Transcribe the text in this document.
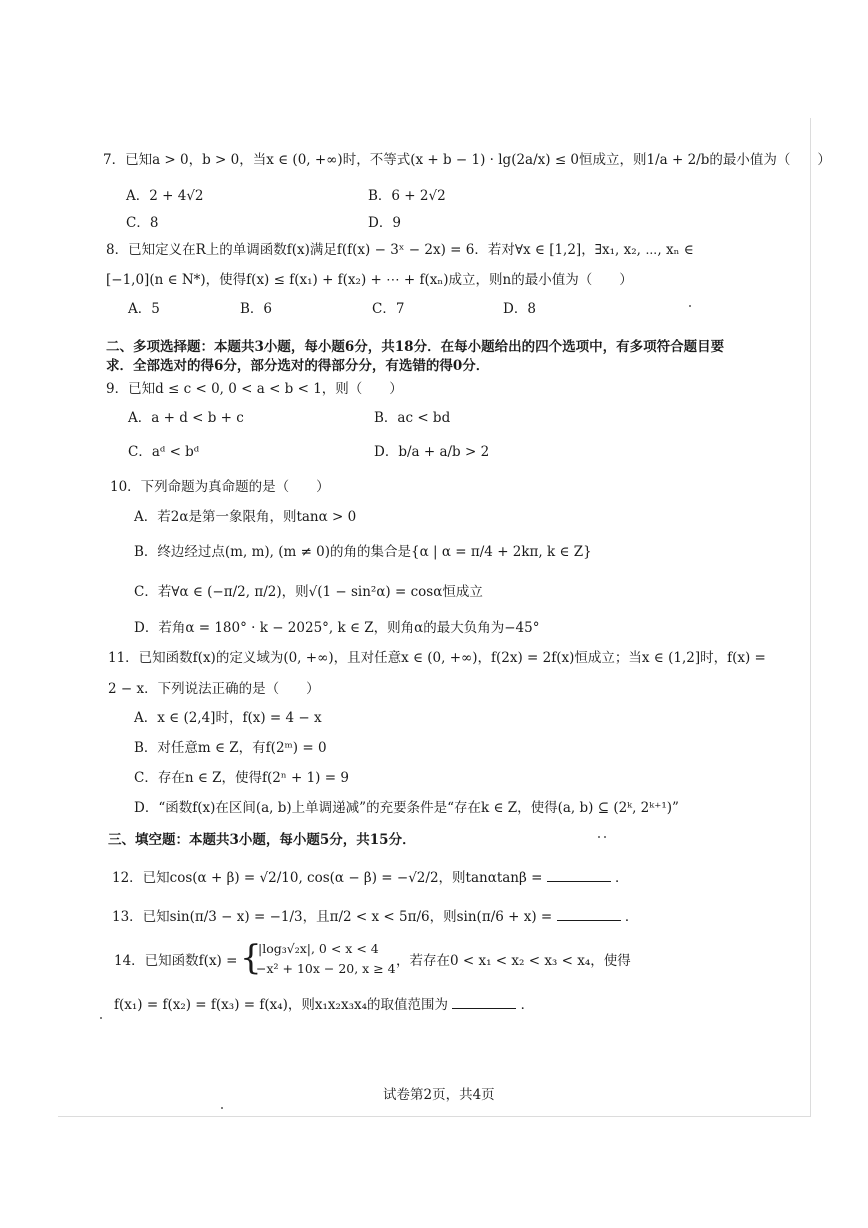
7．已知a > 0，b > 0，当x ∈ (0, +∞)时，不等式(x + b − 1) · lg(2a/x) ≤ 0恒成立，则1/a + 2/b的最小值为（　　）
A．2 + 4√2	B．6 + 2√2
C．8	D．9
8．已知定义在R上的单调函数f(x)满足f(f(x) − 3ˣ − 2x) = 6．若对∀x ∈ [1,2]，∃x₁, x₂, ⋯, xₙ ∈
[−1,0](n ∈ N*)，使得f(x) ≤ f(x₁) + f(x₂) + ⋯ + f(xₙ)成立，则n的最小值为（　　）
A．5	B．6	C．7	D．8
二、多项选择题：本题共3小题，每小题6分，共18分．在每小题给出的四个选项中，有多项符合题目要
求．全部选对的得6分，部分选对的得部分分，有选错的得0分．
9．已知d ≤ c < 0, 0 < a < b < 1，则（　　）
A．a + d < b + c	B．ac < bd
C．aᵈ < bᵈ	D．b/a + a/b > 2
10．下列命题为真命题的是（　　）
A．若2α是第一象限角，则tanα > 0
B．终边经过点(m, m), (m ≠ 0)的角的集合是{α | α = π/4 + 2kπ, k ∈ Z}
C．若∀α ∈ (−π/2, π/2)，则√(1 − sin²α) = cosα恒成立
D．若角α = 180° · k − 2025°, k ∈ Z，则角α的最大负角为−45°
11．已知函数f(x)的定义域为(0, +∞)，且对任意x ∈ (0, +∞)，f(2x) = 2f(x)恒成立；当x ∈ (1,2]时，f(x) =
2 − x．下列说法正确的是（　　）
A．x ∈ (2,4]时，f(x) = 4 − x
B．对任意m ∈ Z，有f(2ᵐ) = 0
C．存在n ∈ Z，使得f(2ⁿ + 1) = 9
D．“函数f(x)在区间(a, b)上单调递减”的充要条件是“存在k ∈ Z，使得(a, b) ⊆ (2ᵏ, 2ᵏ⁺¹)”
三、填空题：本题共3小题，每小题5分，共15分．
12．已知cos(α + β) = √2/10, cos(α − β) = −√2/2，则tanαtanβ =	．
13．已知sin(π/3 − x) = −1/3，且π/2 < x < 5π/6，则sin(π/6 + x) =	．
14．已知函数f(x) = {
|log₃√₂x|, 0 < x < 4
−x² + 10x − 20, x ≥ 4 ，若存在0 < x₁ < x₂ < x₃ < x₄，使得
f(x₁) = f(x₂) = f(x₃) = f(x₄)，则x₁x₂x₃x₄的取值范围为	．
试卷第2页，共4页
